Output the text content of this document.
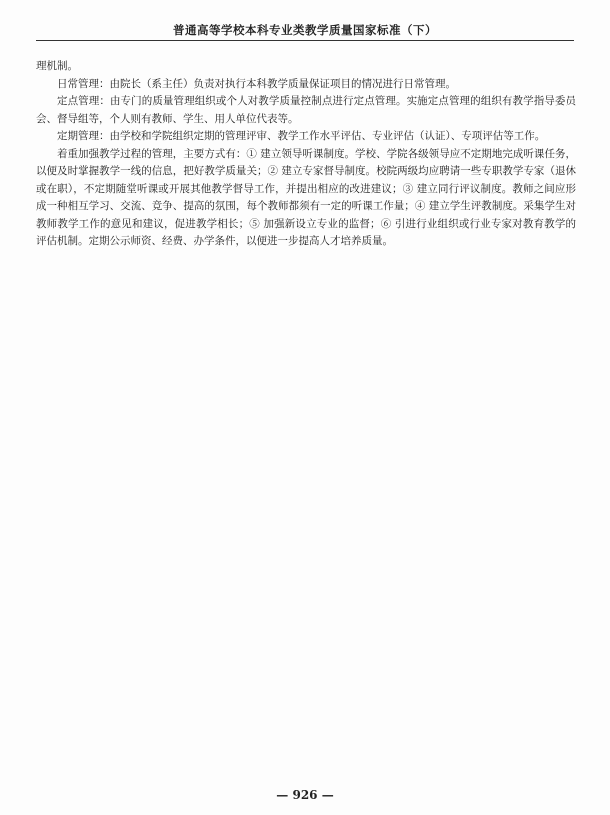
普通高等学校本科专业类教学质量国家标准（下）

理机制。

日常管理：由院长（系主任）负责对执行本科教学质量保证项目的情况进行日常管理。

定点管理：由专门的质量管理组织或个人对教学质量控制点进行定点管理。实施定点管理的组织有教学指导委员会、督导组等，个人则有教师、学生、用人单位代表等。

定期管理：由学校和学院组织定期的管理评审、教学工作水平评估、专业评估（认证）、专项评估等工作。

着重加强教学过程的管理，主要方式有：① 建立领导听课制度。学校、学院各级领导应不定期地完成听课任务，以便及时掌握教学一线的信息，把好教学质量关；② 建立专家督导制度。校院两级均应聘请一些专职教学专家（退休或在职），不定期随堂听课或开展其他教学督导工作，并提出相应的改进建议；③ 建立同行评议制度。教师之间应形成一种相互学习、交流、竞争、提高的氛围，每个教师都须有一定的听课工作量；④ 建立学生评教制度。采集学生对教师教学工作的意见和建议，促进教学相长；⑤ 加强新设立专业的监督；⑥ 引进行业组织或行业专家对教育教学的评估机制。定期公示师资、经费、办学条件，以便进一步提高人才培养质量。

— 926 —
